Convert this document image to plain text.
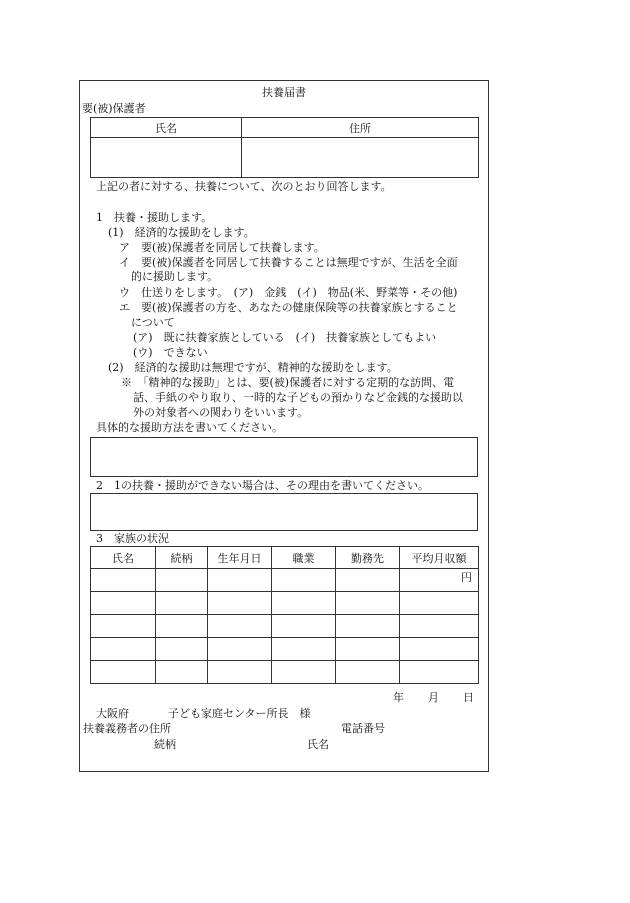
扶養届書
要(被)保護者
氏名	住所

上記の者に対する、扶養について、次のとおり回答します。
1　扶養・援助します。
(1)　経済的な援助をします。
ア　要(被)保護者を同居して扶養します。
イ　要(被)保護者を同居して扶養することは無理ですが、生活を全面
的に援助します。
ウ　仕送りをします。　(ア)　金銭　(イ)　物品(米、野菜等・その他)
エ　要(被)保護者の方を、あなたの健康保険等の扶養家族とすること
について
(ア)　既に扶養家族としている　(イ)　扶養家族としてもよい
(ウ)　できない
(2)　経済的な援助は無理ですが、精神的な援助をします。
※　「精神的な援助」とは、要(被)保護者に対する定期的な訪問、電
話、手紙のやり取り、一時的な子どもの預かりなど金銭的な援助以
外の対象者への関わりをいいます。
具体的な援助方法を書いてください。
2　1の扶養・援助ができない場合は、その理由を書いてください。
3　家族の状況
氏名	続柄	生年月日	職業	勤務先	平均月収額
					円

年 月 日
大阪府	子ども家庭センター所長　様
扶養義務者の住所	電話番号
続柄	氏名
